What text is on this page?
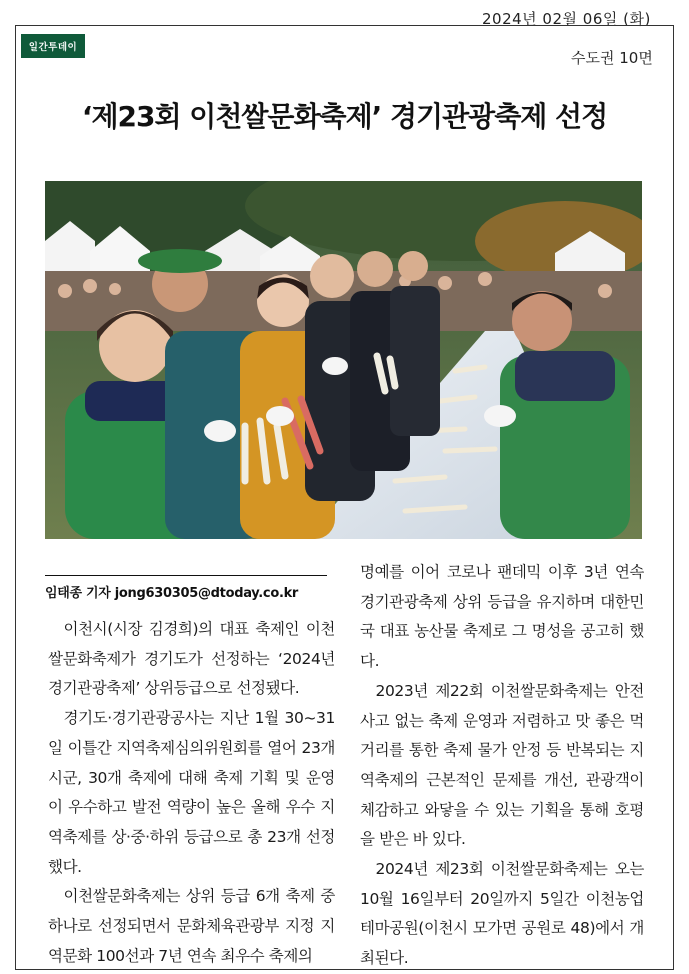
2024년 02월 06일 (화)
일간투데이
수도권 10면
‘제23회 이천쌀문화축제’ 경기관광축제 선정
임태종 기자 jong630305@dtoday.co.kr

이천시(시장 김경희)의 대표 축제인 이천쌀문화축제가 경기도가 선정하는 ‘2024년 경기관광축제’ 상위등급으로 선정됐다.

경기도·경기관광공사는 지난 1월 30~31일 이틀간 지역축제심의위원회를 열어 23개 시군, 30개 축제에 대해 축제 기획 및 운영이 우수하고 발전 역량이 높은 올해 우수 지역축제를 상·중·하위 등급으로 총 23개 선정했다.

이천쌀문화축제는 상위 등급 6개 축제 중 하나로 선정되면서 문화체육관광부 지정 지역문화 100선과 7년 연속 최우수 축제의

명예를 이어 코로나 팬데믹 이후 3년 연속 경기관광축제 상위 등급을 유지하며 대한민국 대표 농산물 축제로 그 명성을 공고히 했다.

2023년 제22회 이천쌀문화축제는 안전사고 없는 축제 운영과 저렴하고 맛 좋은 먹거리를 통한 축제 물가 안정 등 반복되는 지역축제의 근본적인 문제를 개선, 관광객이 체감하고 와닿을 수 있는 기획을 통해 호평을 받은 바 있다.

2024년 제23회 이천쌀문화축제는 오는 10월 16일부터 20일까지 5일간 이천농업테마공원(이천시 모가면 공원로 48)에서 개최된다.
